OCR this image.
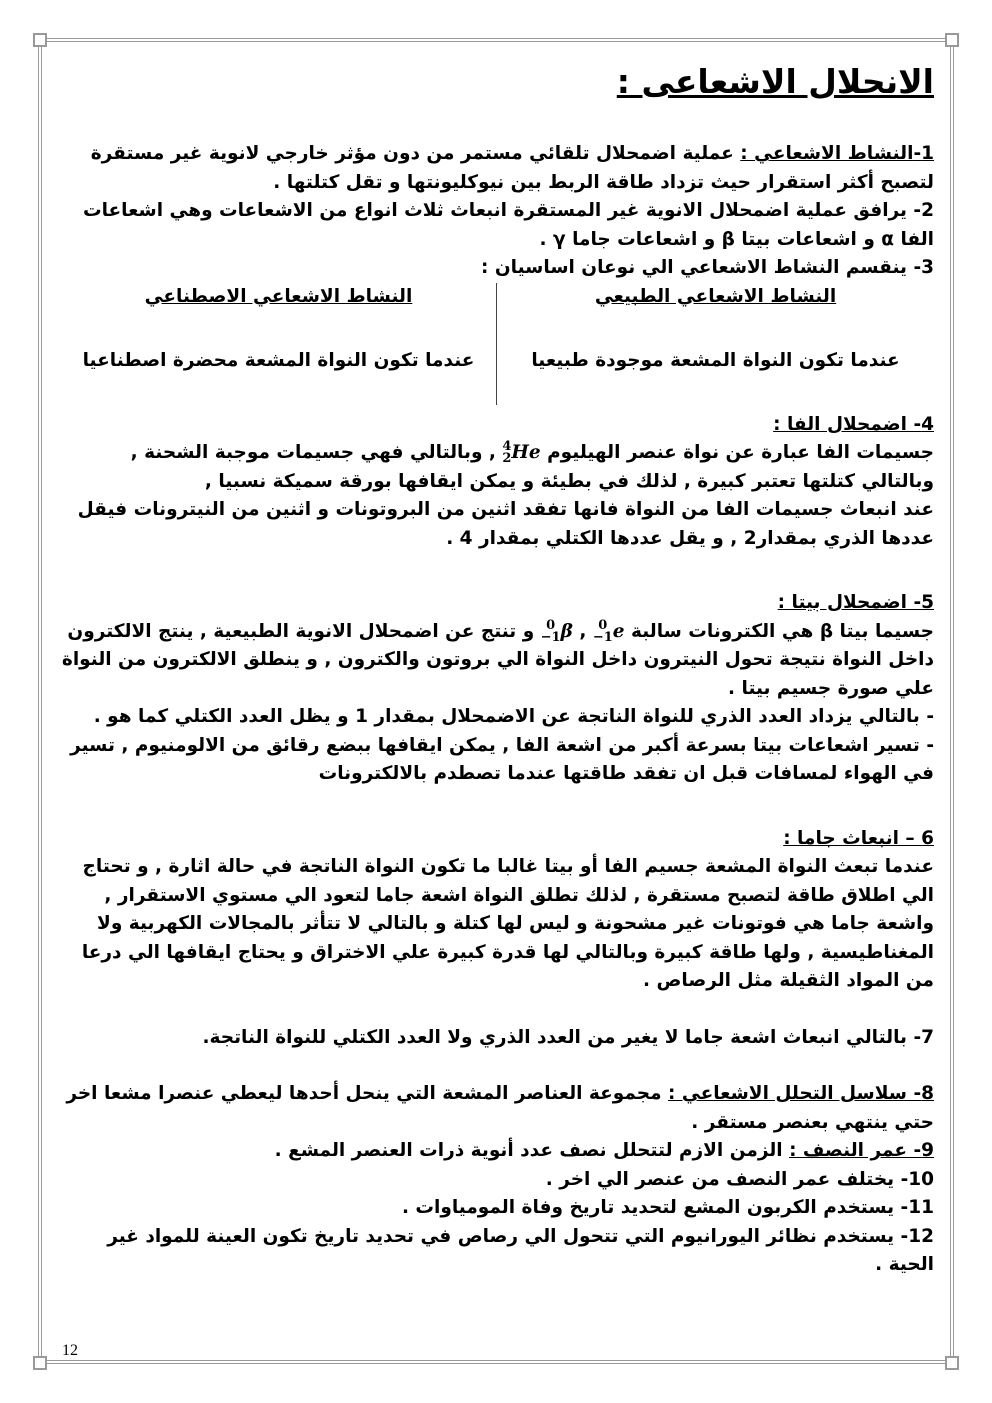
الانحلال الاشعاعى :

1-النشاط الاشعاعي : عملية اضمحلال تلقائي مستمر من دون مؤثر خارجي لانوية غير مستقرة لتصبح أكثر استقرار حيث تزداد طاقة الربط بين نيوكليونتها و تقل كتلتها .

2- يرافق عملية اضمحلال الانوية غير المستقرة انبعاث ثلاث انواع من الاشعاعات وهي اشعاعات الفا α و اشعاعات بيتا β و اشعاعات جاما γ .

3- ينقسم النشاط الاشعاعي الي نوعان اساسيان :

النشاط الاشعاعي الطبيعي
عندما تكون النواة المشعة موجودة طبيعيا
النشاط الاشعاعي الاصطناعي
عندما تكون النواة المشعة محضرة اصطناعيا

4- اضمحلال الفا :

جسيمات الفا عبارة عن نواة عنصر الهيليوم 4
2He , وبالتالي فهي جسيمات موجبة الشحنة , وبالتالي كتلتها تعتبر كبيرة , لذلك في بطيئة و يمكن ايقافها بورقة سميكة نسبيا ,

عند انبعاث جسيمات الفا من النواة فانها تفقد اثنين من البروتونات و اثنين من النيترونات فيقل عددها الذري بمقدار2 , و يقل عددها الكتلي بمقدار 4 .

5- اضمحلال بيتا :

جسيما بيتا β هي الكترونات سالبة 0
−1e , 0
−1β و تنتج عن اضمحلال الانوية الطبيعية , ينتج الالكترون داخل النواة نتيجة تحول النيترون داخل النواة الي بروتون والكترون , و ينطلق الالكترون من النواة علي صورة جسيم بيتا .

- بالتالي يزداد العدد الذري للنواة الناتجة عن الاضمحلال بمقدار 1 و يظل العدد الكتلي كما هو .

- تسير اشعاعات بيتا بسرعة أكبر من اشعة الفا , يمكن ايقافها ببضع رقائق من الالومنيوم , تسير في الهواء لمسافات قبل ان تفقد طاقتها عندما تصطدم بالالكترونات

6 – انبعاث جاما :

عندما تبعث النواة المشعة جسيم الفا أو بيتا غالبا ما تكون النواة الناتجة في حالة اثارة , و تحتاج الي اطلاق طاقة لتصبح مستقرة , لذلك تطلق النواة اشعة جاما لتعود الي مستوي الاستقرار , واشعة جاما هي فوتونات غير مشحونة و ليس لها كتلة و بالتالي لا تتأثر بالمجالات الكهربية ولا المغناطيسية , ولها طاقة كبيرة وبالتالي لها قدرة كبيرة علي الاختراق و يحتاج ايقافها الي درعا من المواد الثقيلة مثل الرصاص .

7- بالتالي انبعاث اشعة جاما لا يغير من العدد الذري ولا العدد الكتلي للنواة الناتجة.

8- سلاسل التحلل الاشعاعي : مجموعة العناصر المشعة التي ينحل أحدها ليعطي عنصرا مشعا اخر حتي ينتهي بعنصر مستقر .

9- عمر النصف : الزمن الازم لتتحلل نصف عدد أنوية ذرات العنصر المشع .

10- يختلف عمر النصف من عنصر الي اخر .

11- يستخدم الكربون المشع لتحديد تاريخ وفاة المومياوات .

12- يستخدم نظائر اليورانيوم التي تتحول الي رصاص في تحديد تاريخ تكون العينة للمواد غير الحية .

12
